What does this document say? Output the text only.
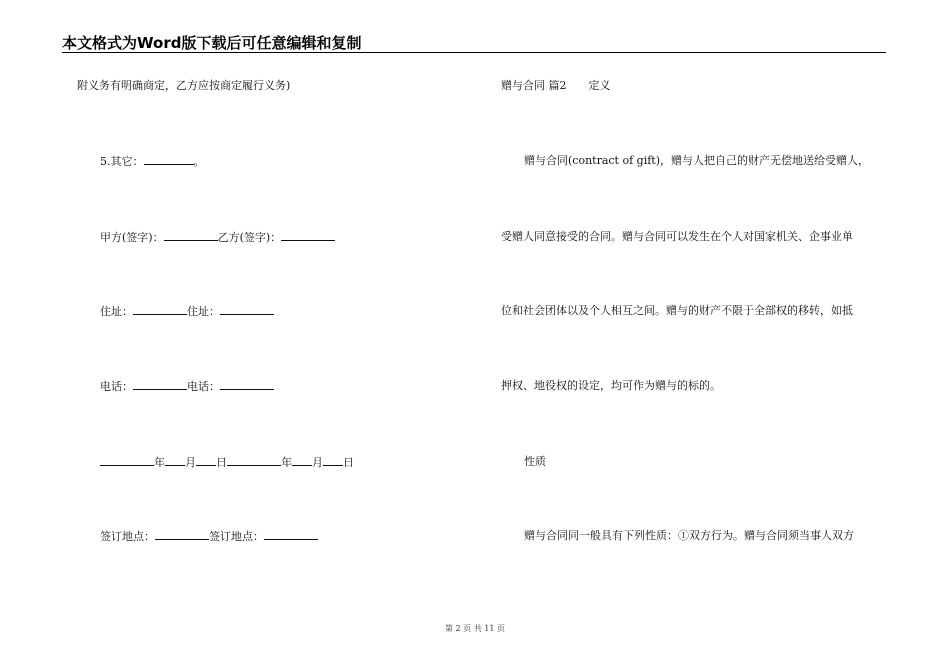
本文格式为Word版下载后可任意编辑和复制
附义务有明确商定，乙方应按商定履行义务)
5.其它：	。
甲方(签字)：	乙方(签字)：
住址：	住址：
电话：	电话：
年 月 日	年 月 日
签订地点：	签订地点：
赠与合同 篇2 定义
赠与合同(contract of gift)，赠与人把自己的财产无偿地送给受赠人，
受赠人同意接受的合同。赠与合同可以发生在个人对国家机关、企事业单
位和社会团体以及个人相互之间。赠与的财产不限于全部权的移转，如抵
押权、地役权的设定，均可作为赠与的标的。
性质
赠与合同同一般具有下列性质：①双方行为。赠与合同须当事人双方
第 2 页 共 11 页
